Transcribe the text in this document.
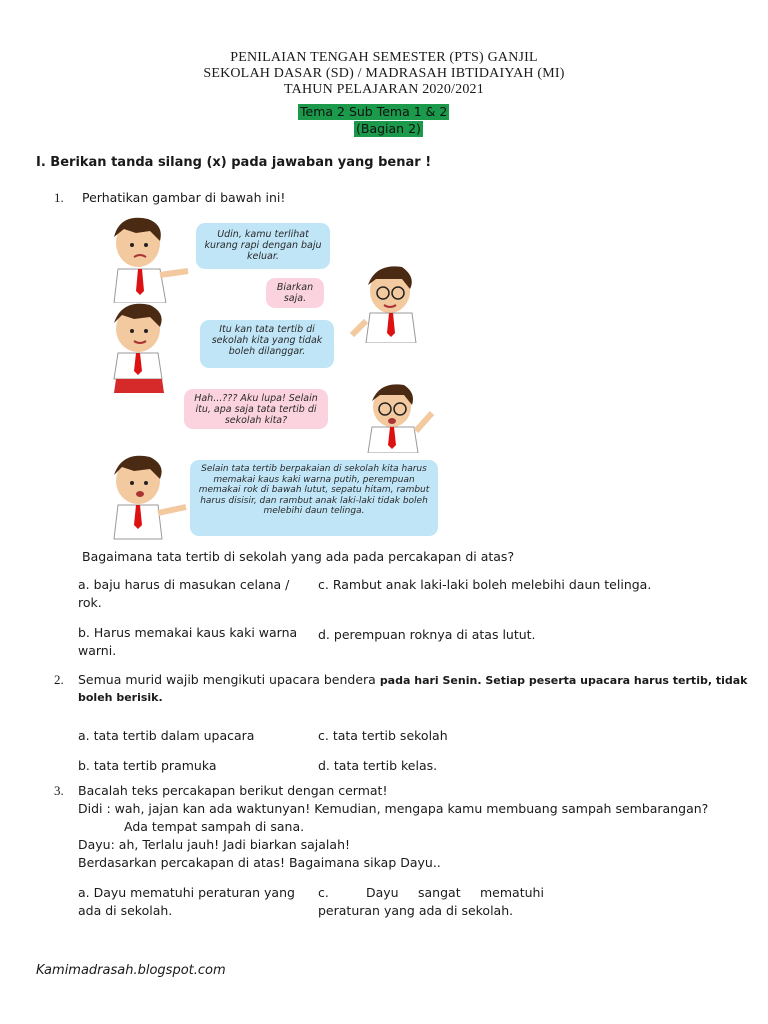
PENILAIAN TENGAH SEMESTER (PTS) GANJIL
SEKOLAH DASAR (SD) / MADRASAH IBTIDAIYAH (MI)
TAHUN PELAJARAN 2020/2021
Tema 2 Sub Tema 1 & 2
(Bagian 2)
I. Berikan tanda silang (x) pada jawaban yang benar !
1. Perhatikan gambar di bawah ini!
Udin, kamu terlihat kurang rapi dengan baju keluar.
Biarkan saja.
Itu kan tata tertib di sekolah kita yang tidak boleh dilanggar.
Hah...??? Aku lupa! Selain itu, apa saja tata tertib di sekolah kita?
Selain tata tertib berpakaian di sekolah kita harus memakai kaus kaki warna putih, perempuan memakai rok di bawah lutut, sepatu hitam, rambut harus disisir, dan rambut anak laki-laki tidak boleh melebihi daun telinga.
Bagaimana tata tertib di sekolah yang ada pada percakapan di atas?
a. baju harus di masukan celana / rok.
c. Rambut anak laki-laki boleh melebihi daun telinga.
b. Harus memakai kaus kaki warna warni.
d. perempuan roknya di atas lutut.
2. Semua murid wajib mengikuti upacara bendera pada hari Senin. Setiap peserta upacara harus tertib, tidak
boleh berisik.
a. tata tertib dalam upacara	c. tata tertib sekolah
b. tata tertib pramuka	d. tata tertib kelas.
3. Bacalah teks percakapan berikut dengan cermat!
Didi : wah, jajan kan ada waktunyan! Kemudian, mengapa kamu membuang sampah sembarangan?
Ada tempat sampah di sana.
Dayu: ah, Terlalu jauh! Jadi biarkan sajalah!
Berdasarkan percakapan di atas! Bagaimana sikap Dayu..
a. Dayu mematuhi peraturan yang ada di sekolah.
c.	Dayu sangat mematuhi
peraturan yang ada di sekolah.
Kamimadrasah.blogspot.com
